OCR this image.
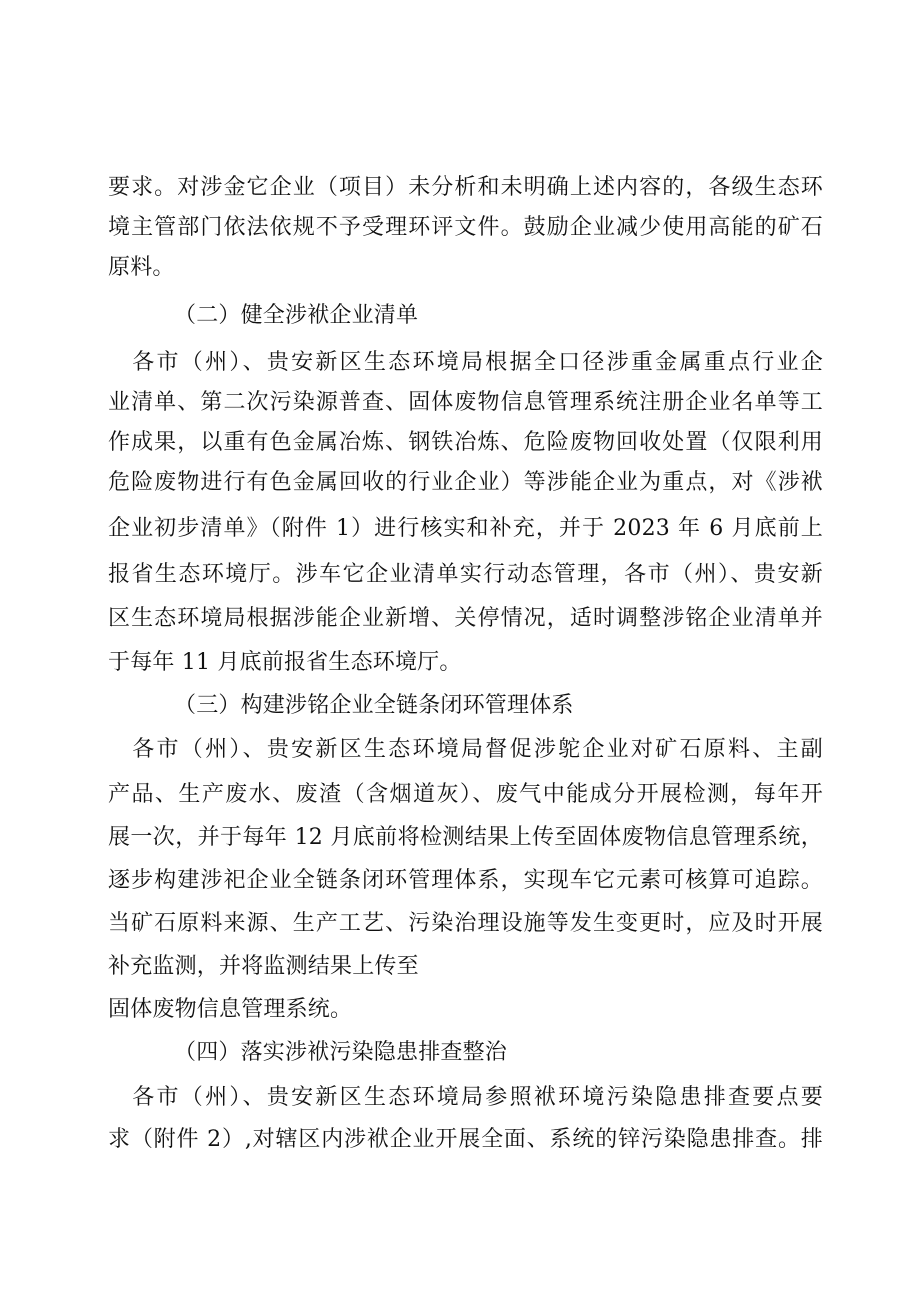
要求。对涉金它企业（项目）未分析和未明确上述内容的，各级生态环
境主管部门依法依规不予受理环评文件。鼓励企业减少使用高能的矿石
原料。
（二）健全涉袱企业清单
　各市（州）、贵安新区生态环境局根据全口径涉重金属重点行业企
业清单、第二次污染源普查、固体废物信息管理系统注册企业名单等工
作成果，以重有色金属冶炼、钢铁冶炼、危险废物回收处置（仅限利用
危险废物进行有色金属回收的行业企业）等涉能企业为重点，对《涉袱
企业初步清单》（附件 1）进行核实和补充，并于 2023 年 6 月底前上
报省生态环境厅。涉车它企业清单实行动态管理，各市（州）、贵安新
区生态环境局根据涉能企业新增、关停情况，适时调整涉铭企业清单并
于每年 11 月底前报省生态环境厅。
（三）构建涉铭企业全链条闭环管理体系
　各市（州）、贵安新区生态环境局督促涉鸵企业对矿石原料、主副
产品、生产废水、废渣（含烟道灰）、废气中能成分开展检测，每年开
展一次，并于每年 12 月底前将检测结果上传至固体废物信息管理系统，
逐步构建涉祀企业全链条闭环管理体系，实现车它元素可核算可追踪。
当矿石原料来源、生产工艺、污染治理设施等发生变更时，应及时开展
补充监测，并将监测结果上传至
固体废物信息管理系统。
（四）落实涉袱污染隐患排查整治
　各市（州）、贵安新区生态环境局参照袱环境污染隐患排查要点要
求（附件 2）,对辖区内涉袱企业开展全面、系统的锌污染隐患排查。排
